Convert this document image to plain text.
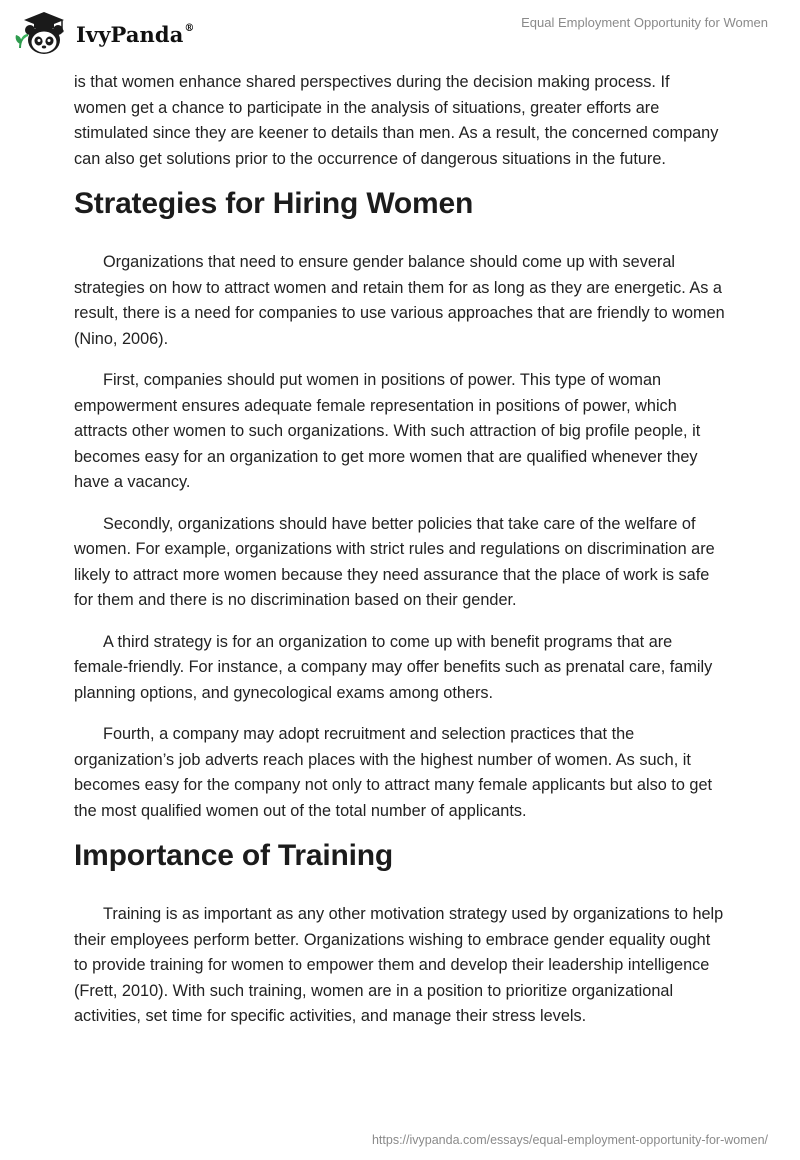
IvyPanda®	Equal Employment Opportunity for Women

is that women enhance shared perspectives during the decision making process. If women get a chance to participate in the analysis of situations, greater efforts are stimulated since they are keener to details than men. As a result, the concerned company can also get solutions prior to the occurrence of dangerous situations in the future.

Strategies for Hiring Women

Organizations that need to ensure gender balance should come up with several strategies on how to attract women and retain them for as long as they are energetic. As a result, there is a need for companies to use various approaches that are friendly to women (Nino, 2006).

First, companies should put women in positions of power. This type of woman empowerment ensures adequate female representation in positions of power, which attracts other women to such organizations. With such attraction of big profile people, it becomes easy for an organization to get more women that are qualified whenever they have a vacancy.

Secondly, organizations should have better policies that take care of the welfare of women. For example, organizations with strict rules and regulations on discrimination are likely to attract more women because they need assurance that the place of work is safe for them and there is no discrimination based on their gender.

A third strategy is for an organization to come up with benefit programs that are female-friendly. For instance, a company may offer benefits such as prenatal care, family planning options, and gynecological exams among others.

Fourth, a company may adopt recruitment and selection practices that the organization’s job adverts reach places with the highest number of women. As such, it becomes easy for the company not only to attract many female applicants but also to get the most qualified women out of the total number of applicants.

Importance of Training

Training is as important as any other motivation strategy used by organizations to help their employees perform better. Organizations wishing to embrace gender equality ought to provide training for women to empower them and develop their leadership intelligence (Frett, 2010). With such training, women are in a position to prioritize organizational activities, set time for specific activities, and manage their stress levels.

https://ivypanda.com/essays/equal-employment-opportunity-for-women/
